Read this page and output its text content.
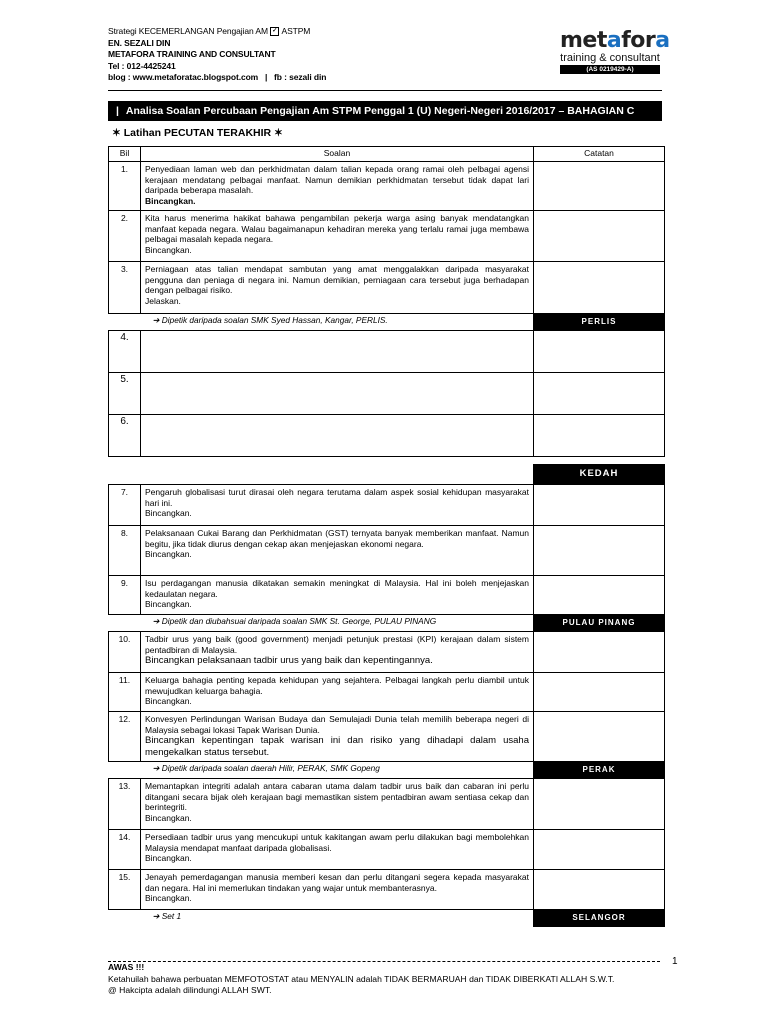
Strategi KECEMERLANGAN Pengajian AM ✓ ASTPM
EN. SEZALI DIN
METAFORA TRAINING AND CONSULTANT
Tel : 012-4425241
blog : www.metaforatac.blogspot.com | fb : sezali din
metafora
training & consultant
(AS 0219429-A)
| Analisa Soalan Percubaan Pengajian Am STPM Penggal 1 (U) Negeri-Negeri 2016/2017 – BAHAGIAN C
✶ Latihan PECUTAN TERAKHIR ✶
Bil	Soalan	Catatan
1.	Penyediaan laman web dan perkhidmatan dalam talian kepada orang ramai oleh pelbagai agensi kerajaan mendatang pelbagai manfaat. Namun demikian perkhidmatan tersebut tidak dapat lari daripada beberapa masalah.
Bincangkan.	
2.	Kita harus menerima hakikat bahawa pengambilan pekerja warga asing banyak mendatangkan manfaat kepada negara. Walau bagaimanapun kehadiran mereka yang terlalu ramai juga membawa pelbagai masalah kepada negara.
Bincangkan.	
3.	Perniagaan atas talian mendapat sambutan yang amat menggalakkan daripada masyarakat pengguna dan peniaga di negara ini. Namun demikian, perniagaan cara tersebut juga berhadapan dengan pelbagai risiko.
Jelaskan.	
	➔ Dipetik daripada soalan SMK Syed Hassan, Kangar, PERLIS.	PERLIS
4.		
5.		
6.		

		KEDAH
7.	Pengaruh globalisasi turut dirasai oleh negara terutama dalam aspek sosial kehidupan masyarakat hari ini.
Bincangkan.	
8.	Pelaksanaan Cukai Barang dan Perkhidmatan (GST) ternyata banyak memberikan manfaat. Namun begitu, jika tidak diurus dengan cekap akan menjejaskan ekonomi negara.
Bincangkan.	
9.	Isu perdagangan manusia dikatakan semakin meningkat di Malaysia. Hal ini boleh menjejaskan kedaulatan negara.
Bincangkan.	
	➔ Dipetik dan diubahsuai daripada soalan SMK St. George, PULAU PINANG	PULAU PINANG
10.	Tadbir urus yang baik (good government) menjadi petunjuk prestasi (KPI) kerajaan dalam sistem pentadbiran di Malaysia.
Bincangkan pelaksanaan tadbir urus yang baik dan kepentingannya.	
11.	Keluarga bahagia penting kepada kehidupan yang sejahtera. Pelbagai langkah perlu diambil untuk mewujudkan keluarga bahagia.
Bincangkan.	
12.	Konvesyen Perlindungan Warisan Budaya dan Semulajadi Dunia telah memilih beberapa negeri di Malaysia sebagai lokasi Tapak Warisan Dunia.
Bincangkan kepentingan tapak warisan ini dan risiko yang dihadapi dalam usaha mengekalkan status tersebut.	
	➔ Dipetik daripada soalan daerah Hilir, PERAK, SMK Gopeng	PERAK
13.	Memantapkan integriti adalah antara cabaran utama dalam tadbir urus baik dan cabaran ini perlu ditangani secara bijak oleh kerajaan bagi memastikan sistem pentadbiran awam sentiasa cekap dan berintegriti.
Bincangkan.	
14.	Persediaan tadbir urus yang mencukupi untuk kakitangan awam perlu dilakukan bagi membolehkan Malaysia mendapat manfaat daripada globalisasi.
Bincangkan.	
15.	Jenayah pemerdagangan manusia memberi kesan dan perlu ditangani segera kepada masyarakat dan negara. Hal ini memerlukan tindakan yang wajar untuk membanterasnya.
Bincangkan.	
	➔ Set 1	SELANGOR
AWAS !!!
Ketahuilah bahawa perbuatan MEMFOTOSTAT atau MENYALIN adalah TIDAK BERMARUAH dan TIDAK DIBERKATI ALLAH S.W.T.
@ Hakcipta adalah dilindungi ALLAH SWT.
1
